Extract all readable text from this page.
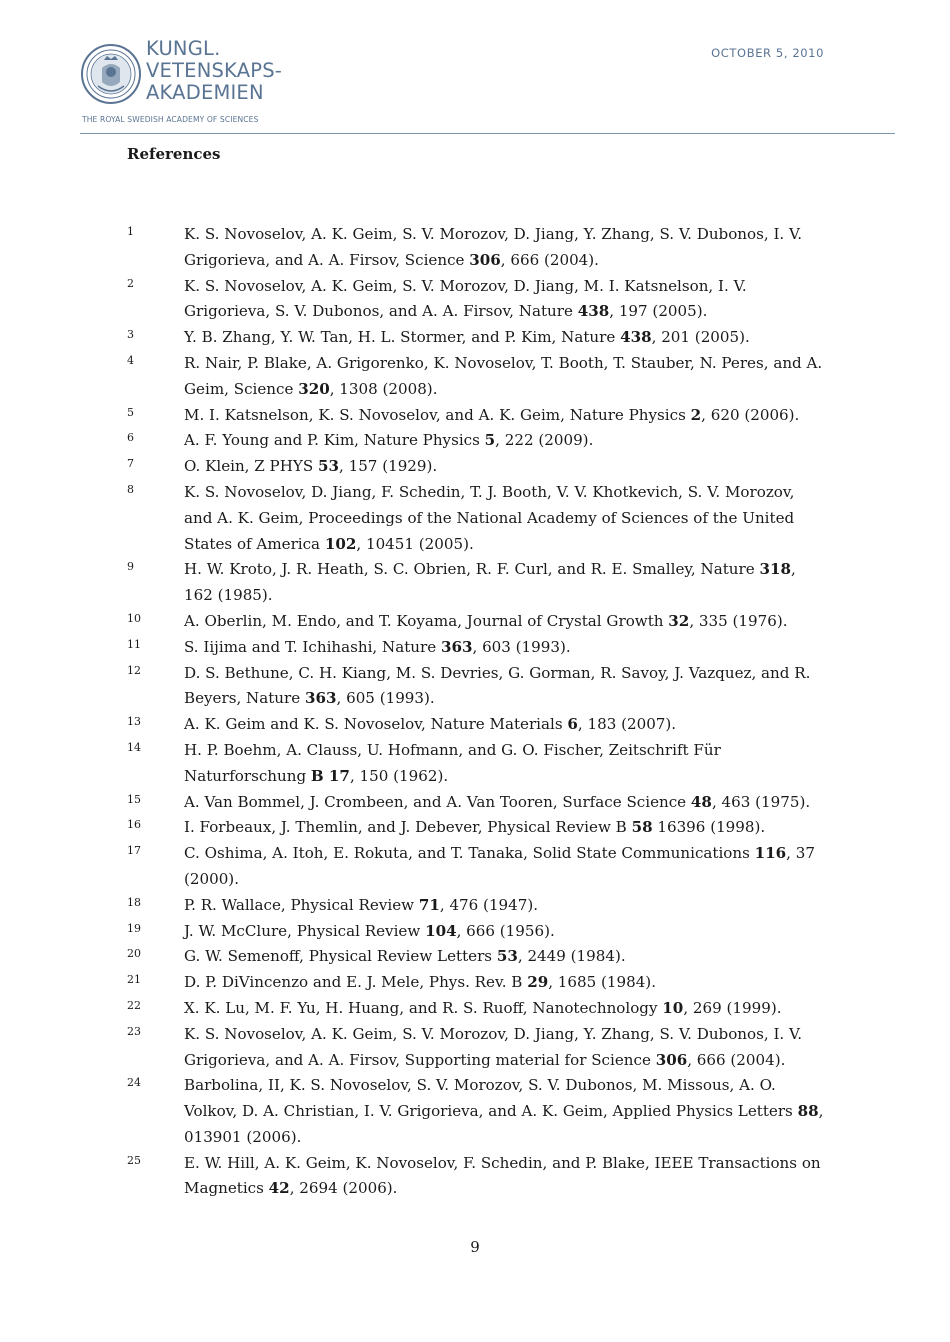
KUNGL.
VETENSKAPS-
AKADEMIEN
THE ROYAL SWEDISH ACADEMY OF SCIENCES
OCTOBER 5, 2010
References
1	K. S. Novoselov, A. K. Geim, S. V. Morozov, D. Jiang, Y. Zhang, S. V. Dubonos, I. V. Grigorieva, and A. A. Firsov, Science 306, 666 (2004).
2	K. S. Novoselov, A. K. Geim, S. V. Morozov, D. Jiang, M. I. Katsnelson, I. V. Grigorieva, S. V. Dubonos, and A. A. Firsov, Nature 438, 197 (2005).
3	Y. B. Zhang, Y. W. Tan, H. L. Stormer, and P. Kim, Nature 438, 201 (2005).
4	R. Nair, P. Blake, A. Grigorenko, K. Novoselov, T. Booth, T. Stauber, N. Peres, and A. Geim, Science 320, 1308 (2008).
5	M. I. Katsnelson, K. S. Novoselov, and A. K. Geim, Nature Physics 2, 620 (2006).
6	A. F. Young and P. Kim, Nature Physics 5, 222 (2009).
7	O. Klein, Z PHYS 53, 157 (1929).
8	K. S. Novoselov, D. Jiang, F. Schedin, T. J. Booth, V. V. Khotkevich, S. V. Morozov, and A. K. Geim, Proceedings of the National Academy of Sciences of the United States of America 102, 10451 (2005).
9	H. W. Kroto, J. R. Heath, S. C. Obrien, R. F. Curl, and R. E. Smalley, Nature 318, 162 (1985).
10	A. Oberlin, M. Endo, and T. Koyama, Journal of Crystal Growth 32, 335 (1976).
11	S. Iijima and T. Ichihashi, Nature 363, 603 (1993).
12	D. S. Bethune, C. H. Kiang, M. S. Devries, G. Gorman, R. Savoy, J. Vazquez, and R. Beyers, Nature 363, 605 (1993).
13	A. K. Geim and K. S. Novoselov, Nature Materials 6, 183 (2007).
14	H. P. Boehm, A. Clauss, U. Hofmann, and G. O. Fischer, Zeitschrift Für Naturforschung B 17, 150 (1962).
15	A. Van Bommel, J. Crombeen, and A. Van Tooren, Surface Science 48, 463 (1975).
16	I. Forbeaux, J. Themlin, and J. Debever, Physical Review B 58 16396 (1998).
17	C. Oshima, A. Itoh, E. Rokuta, and T. Tanaka, Solid State Communications 116, 37 (2000).
18	P. R. Wallace, Physical Review 71, 476 (1947).
19	J. W. McClure, Physical Review 104, 666 (1956).
20	G. W. Semenoff, Physical Review Letters 53, 2449 (1984).
21	D. P. DiVincenzo and E. J. Mele, Phys. Rev. B 29, 1685 (1984).
22	X. K. Lu, M. F. Yu, H. Huang, and R. S. Ruoff, Nanotechnology 10, 269 (1999).
23	K. S. Novoselov, A. K. Geim, S. V. Morozov, D. Jiang, Y. Zhang, S. V. Dubonos, I. V. Grigorieva, and A. A. Firsov, Supporting material for Science 306, 666 (2004).
24	Barbolina, II, K. S. Novoselov, S. V. Morozov, S. V. Dubonos, M. Missous, A. O. Volkov, D. A. Christian, I. V. Grigorieva, and A. K. Geim, Applied Physics Letters 88, 013901 (2006).
25	E. W. Hill, A. K. Geim, K. Novoselov, F. Schedin, and P. Blake, IEEE Transactions on Magnetics 42, 2694 (2006).
9
